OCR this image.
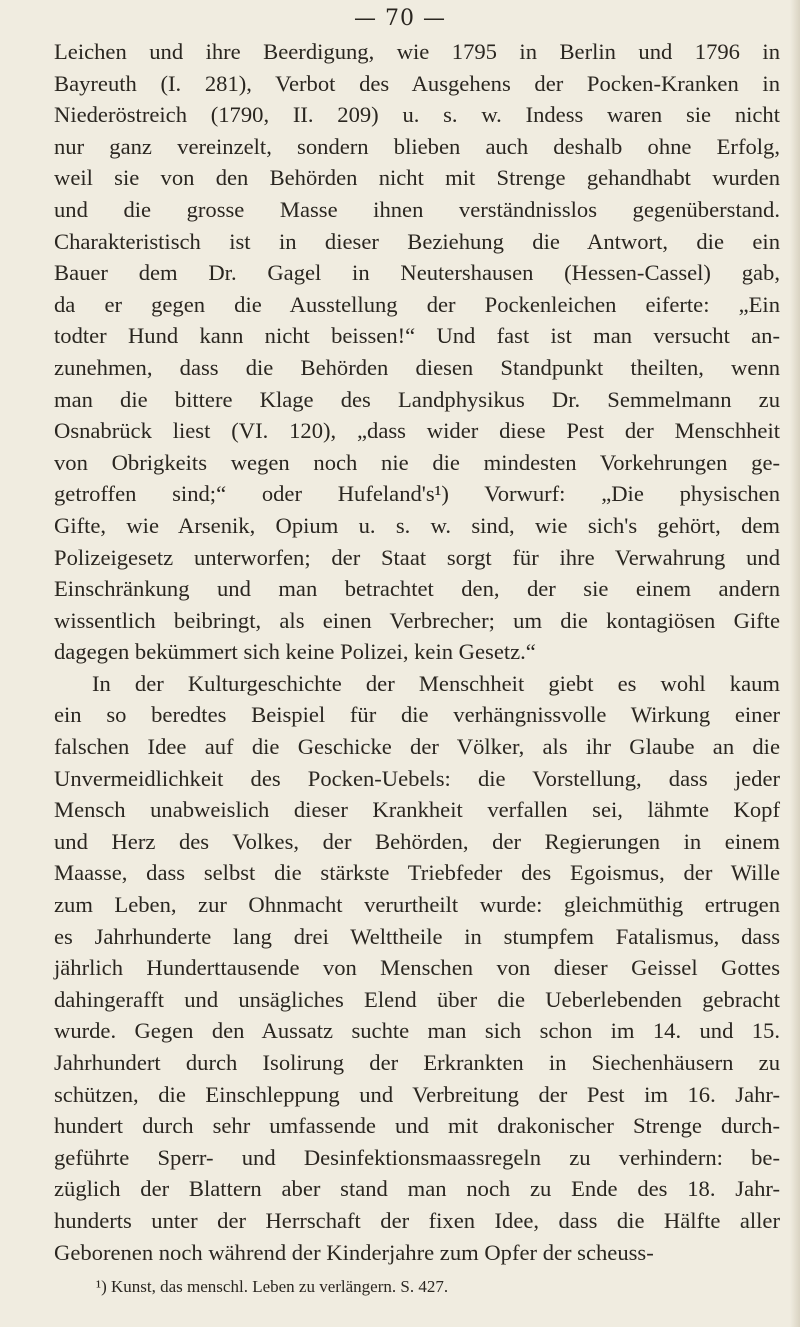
— 70 —

Leichen und ihre Beerdigung, wie 1795 in Berlin und 1796 in
Bayreuth (I. 281), Verbot des Ausgehens der Pocken-Kranken in
Niederöstreich (1790, II. 209) u. s. w. Indess waren sie nicht
nur ganz vereinzelt, sondern blieben auch deshalb ohne Erfolg,
weil sie von den Behörden nicht mit Strenge gehandhabt wurden
und die grosse Masse ihnen verständnisslos gegenüberstand.
Charakteristisch ist in dieser Beziehung die Antwort, die ein
Bauer dem Dr. Gagel in Neutershausen (Hessen-Cassel) gab,
da er gegen die Ausstellung der Pockenleichen eiferte: „Ein
todter Hund kann nicht beissen!“ Und fast ist man versucht an-
zunehmen, dass die Behörden diesen Standpunkt theilten, wenn
man die bittere Klage des Landphysikus Dr. Semmelmann zu
Osnabrück liest (VI. 120), „dass wider diese Pest der Menschheit
von Obrigkeits wegen noch nie die mindesten Vorkehrungen ge-
getroffen sind;“ oder Hufeland's¹) Vorwurf: „Die physischen
Gifte, wie Arsenik, Opium u. s. w. sind, wie sich's gehört, dem
Polizeigesetz unterworfen; der Staat sorgt für ihre Verwahrung und
Einschränkung und man betrachtet den, der sie einem andern
wissentlich beibringt, als einen Verbrecher; um die kontagiösen Gifte
dagegen bekümmert sich keine Polizei, kein Gesetz.“

In der Kulturgeschichte der Menschheit giebt es wohl kaum
ein so beredtes Beispiel für die verhängnissvolle Wirkung einer
falschen Idee auf die Geschicke der Völker, als ihr Glaube an die
Unvermeidlichkeit des Pocken-Uebels: die Vorstellung, dass jeder
Mensch unabweislich dieser Krankheit verfallen sei, lähmte Kopf
und Herz des Volkes, der Behörden, der Regierungen in einem
Maasse, dass selbst die stärkste Triebfeder des Egoismus, der Wille
zum Leben, zur Ohnmacht verurtheilt wurde: gleichmüthig ertrugen
es Jahrhunderte lang drei Welttheile in stumpfem Fatalismus, dass
jährlich Hunderttausende von Menschen von dieser Geissel Gottes
dahingerafft und unsägliches Elend über die Ueberlebenden gebracht
wurde. Gegen den Aussatz suchte man sich schon im 14. und 15.
Jahrhundert durch Isolirung der Erkrankten in Siechenhäusern zu
schützen, die Einschleppung und Verbreitung der Pest im 16. Jahr-
hundert durch sehr umfassende und mit drakonischer Strenge durch-
geführte Sperr- und Desinfektionsmaassregeln zu verhindern: be-
züglich der Blattern aber stand man noch zu Ende des 18. Jahr-
hunderts unter der Herrschaft der fixen Idee, dass die Hälfte aller
Geborenen noch während der Kinderjahre zum Opfer der scheuss-

¹) Kunst, das menschl. Leben zu verlängern. S. 427.
